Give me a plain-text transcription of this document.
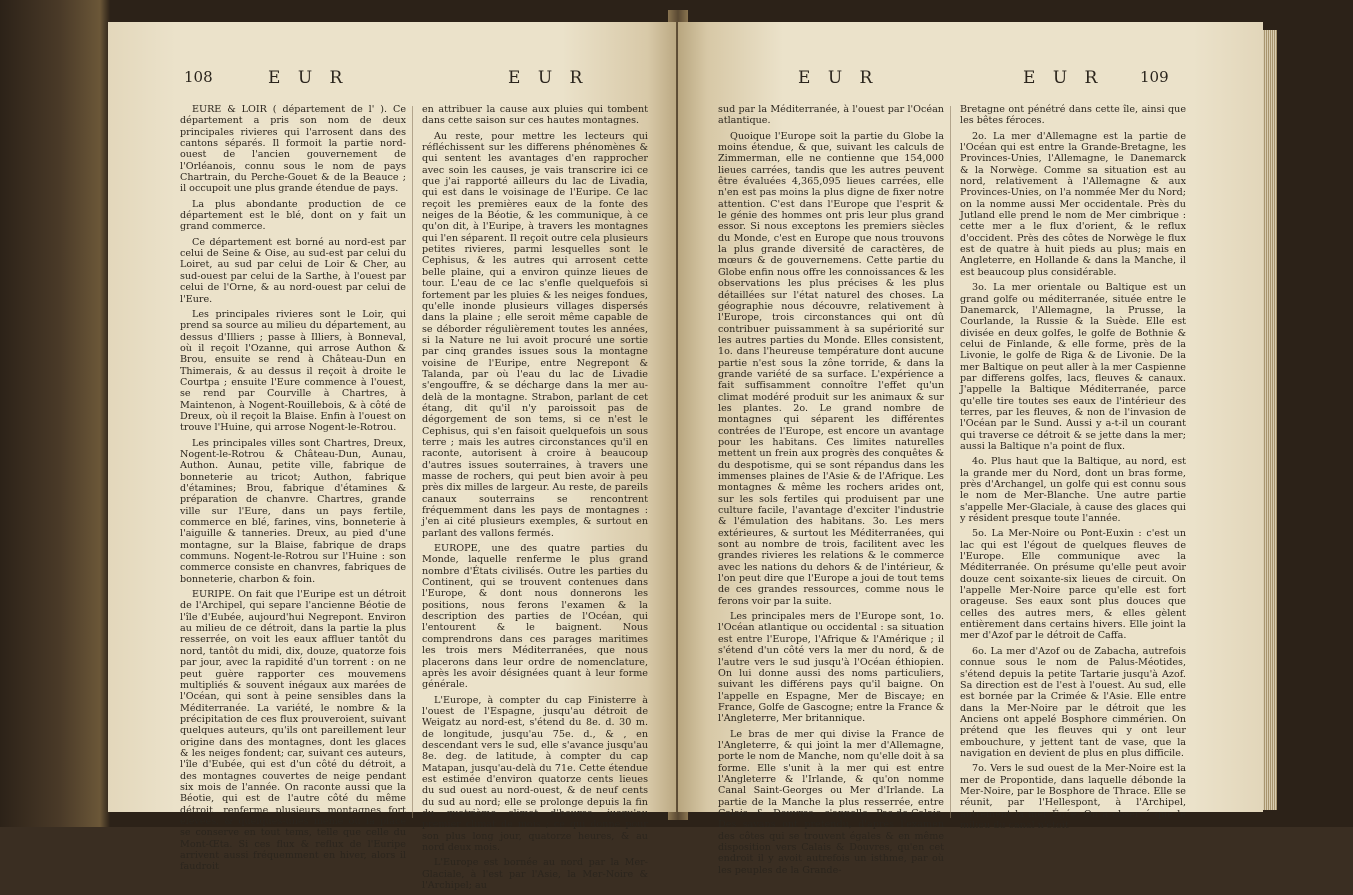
108	E U R	E U R

EURE & LOIR ( département de l' ). Ce département a pris son nom de deux principales rivieres qui l'arrosent dans des cantons séparés. Il formoit la partie nord-ouest de l'ancien gouvernement de l'Orléanois, connu sous le nom de pays Chartrain, du Perche-Gouet & de la Beauce ; il occupoit une plus grande étendue de pays.

La plus abondante production de ce département est le blé, dont on y fait un grand commerce.

Ce département est borné au nord-est par celui de Seine & Oise, au sud-est par celui du Loiret, au sud par celui de Loir & Cher, au sud-ouest par celui de la Sarthe, à l'ouest par celui de l'Orne, & au nord-ouest par celui de l'Eure.

Les principales rivieres sont le Loir, qui prend sa source au milieu du département, au dessus d'Illiers ; passe à Illiers, à Bonneval, où il reçoit l'Ozanne, qui arrose Authon & Brou, ensuite se rend à Château-Dun en Thimerais, & au dessus il reçoit à droite le Courtpa ; ensuite l'Eure commence à l'ouest, se rend par Courville à Chartres, à Maintenon, à Nogent-Rouillebois, & à côté de Dreux, où il reçoit la Blaise. Enfin à l'ouest on trouve l'Huine, qui arrose Nogent-le-Rotrou.

Les principales villes sont Chartres, Dreux, Nogent-le-Rotrou & Château-Dun, Aunau, Authon. Aunau, petite ville, fabrique de bonneterie au tricot; Authon, fabrique d'étamines; Brou, fabrique d'étamines & préparation de chanvre. Chartres, grande ville sur l'Eure, dans un pays fertile, commerce en blé, farines, vins, bonneterie à l'aiguille & tanneries. Dreux, au pied d'une montagne, sur la Blaise, fabrique de draps communs. Nogent-le-Rotrou sur l'Huine : son commerce consiste en chanvres, fabriques de bonneterie, charbon & foin.

EURIPE. On fait que l'Euripe est un détroit de l'Archipel, qui separe l'ancienne Béotie de l'île d'Eubée, aujourd'hui Negrepont. Environ au milieu de ce détroit, dans la partie la plus resserrée, on voit les eaux affluer tantôt du nord, tantôt du midi, dix, douze, quatorze fois par jour, avec la rapidité d'un torrent : on ne peut guère rapporter ces mouvemens multipliés & souvent inégaux aux marées de l'Océan, qui sont à peine sensibles dans la Méditerranée. La variété, le nombre & la précipitation de ces flux prouveroient, suivant quelques auteurs, qu'ils ont pareillement leur origine dans des montagnes, dont les glaces & les neiges fondent; car, suivant ces auteurs, l'île d'Eubée, qui est d'un côté du détroit, a des montagnes couvertes de neige pendant six mois de l'année. On raconte aussi que la Béotie, qui est de l'autre côté du même détroit, renferme plusieurs montagnes fort élevées, & quelques-unes même où la place se conserve en tout tems, telle que celle du Mont-Œta. Si ces flux & reflux de l'Euripe arrivent aussi fréquemment en hiver, alors il faudroit

en attribuer la cause aux pluies qui tombent dans cette saison sur ces hautes montagnes.

Au reste, pour mettre les lecteurs qui réfléchissent sur les differens phénomènes & qui sentent les avantages d'en rapprocher avec soin les causes, je vais transcrire ici ce que j'ai rapporté ailleurs du lac de Livadia, qui est dans le voisinage de l'Euripe. Ce lac reçoit les premières eaux de la fonte des neiges de la Béotie, & les communique, à ce qu'on dit, à l'Euripe, à travers les montagnes qui l'en séparent. Il reçoit outre cela plusieurs petites rivieres, parmi lesquelles sont le Cephisus, & les autres qui arrosent cette belle plaine, qui a environ quinze lieues de tour. L'eau de ce lac s'enfle quelquefois si fortement par les pluies & les neiges fondues, qu'elle inonde plusieurs villages dispersés dans la plaine ; elle seroit même capable de se déborder régulièrement toutes les années, si la Nature ne lui avoit procuré une sortie par cinq grandes issues sous la montagne voisine de l'Euripe, entre Negrepont & Talanda, par où l'eau du lac de Livadie s'engouffre, & se décharge dans la mer au-delà de la montagne. Strabon, parlant de cet étang, dit qu'il n'y paroissoit pas de dégorgement de son tems, si ce n'est le Cephisus, qui s'en faisoit quelquefois un sous terre ; mais les autres circonstances qu'il en raconte, autorisent à croire à beaucoup d'autres issues souterraines, à travers une masse de rochers, qui peut bien avoir à peu près dix milles de largeur. Au reste, de pareils canaux souterrains se rencontrent fréquemment dans les pays de montagnes : j'en ai cité plusieurs exemples, & surtout en parlant des vallons fermés.

EUROPE, une des quatre parties du Monde, laquelle renferme le plus grand nombre d'États civilisés. Outre les parties du Continent, qui se trouvent contenues dans l'Europe, & dont nous donnerons les positions, nous ferons l'examen & la description des parties de l'Océan, qui l'entourent & le baignent. Nous comprendrons dans ces parages maritimes les trois mers Méditerranées, que nous placerons dans leur ordre de nomenclature, après les avoir désignées quant à leur forme générale.

L'Europe, à compter du cap Finisterre à l'ouest de l'Espagne, jusqu'au détroit de Weigatz au nord-est, s'étend du 8e. d. 30 m. de longitude, jusqu'au 75e. d., & , en descendant vers le sud, elle s'avance jusqu'au 8e. deg. de latitude, à compter du cap Matapan, jusqu'au-delà du 71e. Cette étendue est estimée d'environ quatorze cents lieues du sud ouest au nord-ouest, & de neuf cents du sud au nord; elle se prolonge depuis la fin du quatrième climat d'heures, jusqu'au premier climat de mois ; ce qui donne pour son plus long jour, quatorze heures, & au nord deux mois.

L'Europe est bornée au nord par la Mer-Glaciale, à l'est par l'Asie, la Mer-Noire & l'Archipel; au

E U R	E U R 109

sud par la Méditerranée, à l'ouest par l'Océan atlantique.

Quoique l'Europe soit la partie du Globe la moins étendue, & que, suivant les calculs de Zimmerman, elle ne contienne que 154,000 lieues carrées, tandis que les autres peuvent être évaluées 4,365,095 lieues carrées, elle n'en est pas moins la plus digne de fixer notre attention. C'est dans l'Europe que l'esprit & le génie des hommes ont pris leur plus grand essor. Si nous exceptons les premiers siècles du Monde, c'est en Europe que nous trouvons la plus grande diversité de caractères, de mœurs & de gouvernemens. Cette partie du Globe enfin nous offre les connoissances & les observations les plus précises & les plus détaillées sur l'état naturel des choses. La géographie nous découvre, relativement à l'Europe, trois circonstances qui ont dû contribuer puissamment à sa supériorité sur les autres parties du Monde. Elles consistent, 1o. dans l'heureuse température dont aucune partie n'est sous la zône torride, & dans la grande variété de sa surface. L'expérience a fait suffisamment connoître l'effet qu'un climat modéré produit sur les animaux & sur les plantes. 2o. Le grand nombre de montagnes qui séparent les différentes contrées de l'Europe, est encore un avantage pour les habitans. Ces limites naturelles mettent un frein aux progrès des conquêtes & du despotisme, qui se sont répandus dans les immenses plaines de l'Asie & de l'Afrique. Les montagnes & même les rochers arides ont, sur les sols fertiles qui produisent par une culture facile, l'avantage d'exciter l'industrie & l'émulation des habitans. 3o. Les mers extérieures, & surtout les Méditerranées, qui sont au nombre de trois, facilitent avec les grandes rivieres les relations & le commerce avec les nations du dehors & de l'intérieur, & l'on peut dire que l'Europe a joui de tout tems de ces grandes ressources, comme nous le ferons voir par la suite.

Les principales mers de l'Europe sont, 1o. l'Océan atlantique ou occidental : sa situation est entre l'Europe, l'Afrique & l'Amérique ; il s'étend d'un côté vers la mer du nord, & de l'autre vers le sud jusqu'à l'Océan éthiopien. On lui donne aussi des noms particuliers, suivant les différens pays qu'il baigne. On l'appelle en Espagne, Mer de Biscaye; en France, Golfe de Gascogne; entre la France & l'Angleterre, Mer britannique.

Le bras de mer qui divise la France de l'Angleterre, & qui joint la mer d'Allemagne, porte le nom de Manche, nom qu'elle doit à sa forme. Elle s'unit à la mer qui est entre l'Angleterre & l'Irlande, & qu'on nomme Canal Saint-Georges ou Mer d'Irlande. La partie de la Manche la plus resserrée, entre Calais & Douvres, s'appelle Pas-de-Calais. Des savans ont prétendu, d'après l'examen des côtes qui se trouvent égales & en même disposition vers Calais & Douvres, qu'en cet endroit il y avoit autrefois un isthme, par où les peuples de la Grande-

Bretagne ont pénétré dans cette île, ainsi que les bêtes féroces.

2o. La mer d'Allemagne est la partie de l'Océan qui est entre la Grande-Bretagne, les Provinces-Unies, l'Allemagne, le Danemarck & la Norwège. Comme sa situation est au nord, relativement à l'Allemagne & aux Provinces-Unies, on l'a nommée Mer du Nord; on la nomme aussi Mer occidentale. Près du Jutland elle prend le nom de Mer cimbrique : cette mer a le flux d'orient, & le reflux d'occident. Près des côtes de Norwège le flux est de quatre à huit pieds au plus; mais en Angleterre, en Hollande & dans la Manche, il est beaucoup plus considérable.

3o. La mer orientale ou Baltique est un grand golfe ou méditerranée, située entre le Danemarck, l'Allemagne, la Prusse, la Courlande, la Russie & la Suède. Elle est divisée en deux golfes, le golfe de Bothnie & celui de Finlande, & elle forme, près de la Livonie, le golfe de Riga & de Livonie. De la mer Baltique on peut aller à la mer Caspienne par differens golfes, lacs, fleuves & canaux. J'appelle la Baltique Méditerranée, parce qu'elle tire toutes ses eaux de l'intérieur des terres, par les fleuves, & non de l'invasion de l'Océan par le Sund. Aussi y a-t-il un courant qui traverse ce détroit & se jette dans la mer; aussi la Baltique n'a point de flux.

4o. Plus haut que la Baltique, au nord, est la grande mer du Nord, dont un bras forme, près d'Archangel, un golfe qui est connu sous le nom de Mer-Blanche. Une autre partie s'appelle Mer-Glaciale, à cause des glaces qui y résident presque toute l'année.

5o. La Mer-Noire ou Pont-Euxin : c'est un lac qui est l'égout de quelques fleuves de l'Europe. Elle communique avec la Méditerranée. On présume qu'elle peut avoir douze cent soixante-six lieues de circuit. On l'appelle Mer-Noire parce qu'elle est fort orageuse. Ses eaux sont plus douces que celles des autres mers, & elles gèlent entièrement dans certains hivers. Elle joint la mer d'Azof par le détroit de Caffa.

6o. La mer d'Azof ou de Zabacha, autrefois connue sous le nom de Palus-Méotides, s'étend depuis la petite Tartarie jusqu'à Azof. Sa direction est de l'est à l'ouest. Au sud, elle est bornée par la Crimée & l'Asie. Elle entre dans la Mer-Noire par le détroit que les Anciens ont appelé Bosphore cimmérien. On prétend que les fleuves qui y ont leur embouchure, y jettent tant de vase, que la navigation en devient de plus en plus difficile.

7o. Vers le sud ouest de la Mer-Noire est la mer de Propontide, dans laquelle débonde la Mer-Noire, par le Bosphore de Thrace. Elle se réunit, par l'Hellespont, à l'Archipel, autrement la mer Égée. On a observé que le milieu du canal n'étoit
